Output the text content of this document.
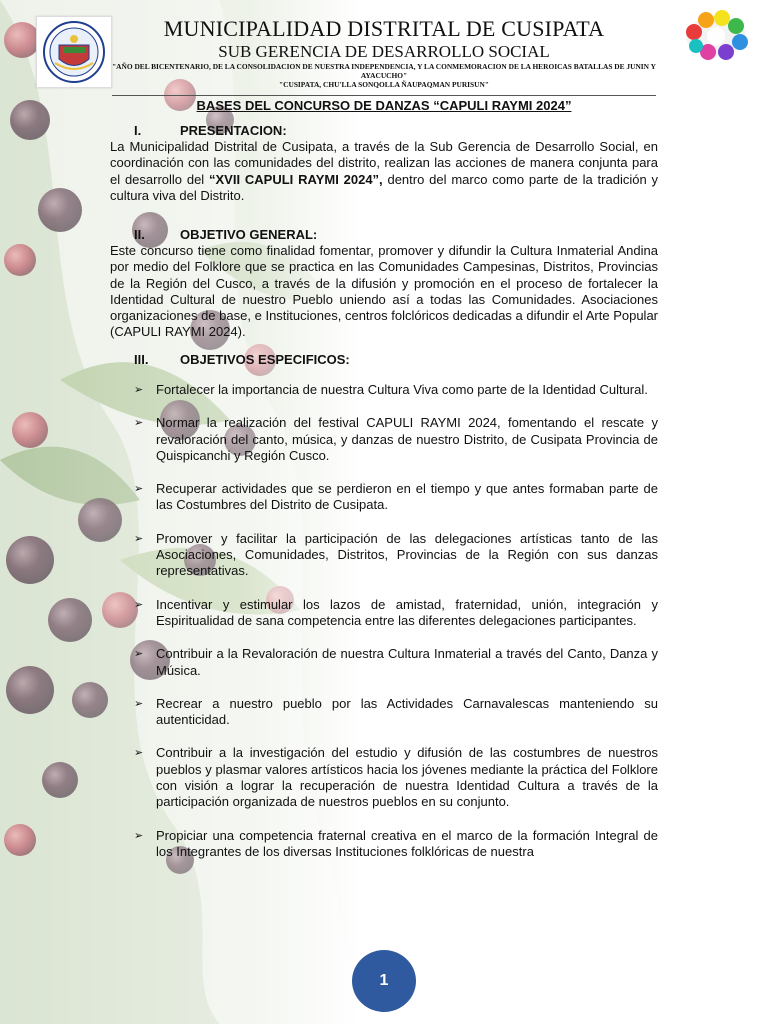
MUNICIPALIDAD DISTRITAL DE CUSIPATA
SUB GERENCIA DE DESARROLLO SOCIAL
"AÑO DEL BICENTENARIO, DE LA CONSOLIDACION DE NUESTRA INDEPENDENCIA, Y LA CONMEMORACION DE LA HEROICAS BATALLAS DE JUNIN Y AYACUCHO"
"CUSIPATA, CHU'LLA SONQOLLA ÑAUPAQMAN PURISUN"
BASES DEL CONCURSO DE DANZAS “CAPULI RAYMI 2024”
I.	PRESENTACION:
La Municipalidad Distrital de Cusipata, a través de la Sub Gerencia de Desarrollo Social, en coordinación con las comunidades del distrito, realizan las acciones de manera conjunta para el desarrollo del “XVII CAPULI RAYMI 2024”, dentro del marco como parte de la tradición y cultura viva del Distrito.
II.	OBJETIVO GENERAL:
Este concurso tiene como finalidad fomentar, promover y difundir la Cultura Inmaterial Andina por medio del Folklore que se practica en las Comunidades Campesinas, Distritos, Provincias de la Región del Cusco, a través de la difusión y promoción en el proceso de fortalecer la Identidad Cultural de nuestro Pueblo uniendo así a todas las Comunidades. Asociaciones organizaciones de base, e Instituciones, centros folclóricos dedicadas a difundir el Arte Popular (CAPULI RAYMI 2024).
III. OBJETIVOS ESPECIFICOS:
➢ Fortalecer la importancia de nuestra Cultura Viva como parte de la Identidad Cultural.
➢ Normar la realización del festival CAPULI RAYMI 2024, fomentando el rescate y revaloración del canto, música, y danzas de nuestro Distrito, de Cusipata Provincia de Quispicanchi y Región Cusco.
➢ Recuperar actividades que se perdieron en el tiempo y que antes formaban parte de las Costumbres del Distrito de Cusipata.
➢ Promover y facilitar la participación de las delegaciones artísticas tanto de las Asociaciones, Comunidades, Distritos, Provincias de la Región con sus danzas representativas.
➢ Incentivar y estimular los lazos de amistad, fraternidad, unión, integración y Espiritualidad de sana competencia entre las diferentes delegaciones participantes.
➢ Contribuir a la Revaloración de nuestra Cultura Inmaterial a través del Canto, Danza y Música.
➢ Recrear a nuestro pueblo por las Actividades Carnavalescas manteniendo su autenticidad.
➢ Contribuir a la investigación del estudio y difusión de las costumbres de nuestros pueblos y plasmar valores artísticos hacia los jóvenes mediante la práctica del Folklore con visión a lograr la recuperación de nuestra Identidad Cultura a través de la participación organizada de nuestros pueblos en su conjunto.
➢ Propiciar una competencia fraternal creativa en el marco de la formación Integral de los Integrantes de los diversas Instituciones folklóricas de nuestra
1
